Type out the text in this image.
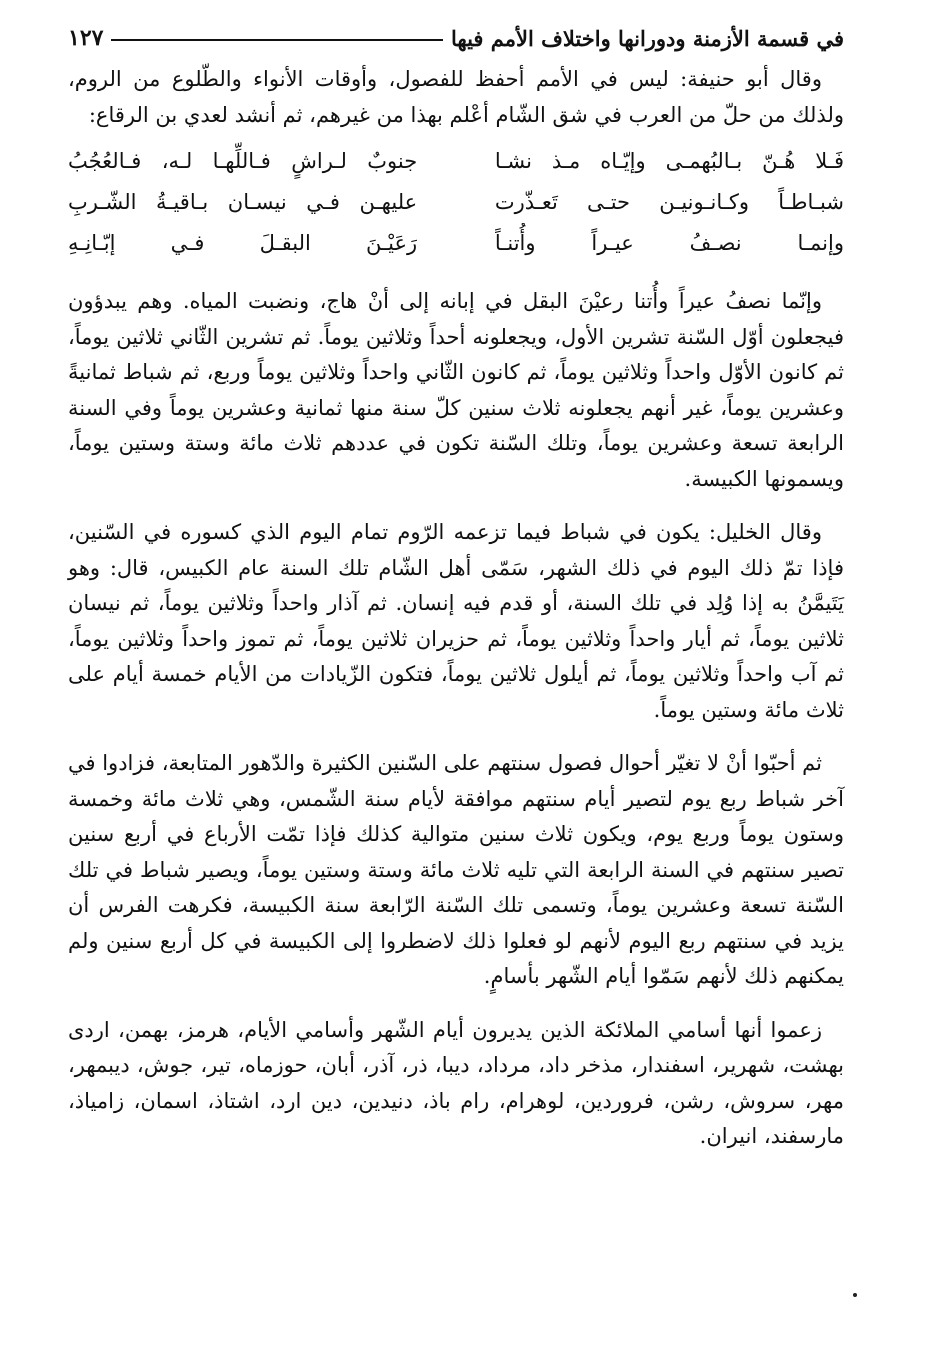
في قسمة الأزمنة ودورانها واختلاف الأمم فيها
١٢٧

وقال أبو حنيفة: ليس في الأمم أحفظ للفصول، وأوقات الأنواء والطّلوع من الروم، ولذلك من حلّ من العرب في شق الشّام أعْلم بهذا من غيرهم، ثم أنشد لعدي بن الرقاع:

فَـلا هُـنّ بـالبُهمـى وإيّـاه مـذ نشـا
جنوبٌ لـراشٍ فـاللِّهـا لـه، فـالعُجُبُ
شبـاطـاً وكـانـونيـن حتـى تَعـذّرت
عليهـن فـي نيسـان بـاقيـةُ الشّـربِ
وإنمـا نصـفُ عيـراً وأُتنـاً
رَعَيْـنَ البقـلَ فـي إبّـانِـهِ

وإنّما نصفُ عيراً وأُتنا رعيْنَ البقل في إبانه إلى أنْ هاج، ونضبت المياه. وهم يبدؤون فيجعلون أوّل السّنة تشرين الأول، ويجعلونه أحداً وثلاثين يوماً. ثم تشرين الثّاني ثلاثين يوماً، ثم كانون الأوّل واحداً وثلاثين يوماً، ثم كانون الثّاني واحداً وثلاثين يوماً وربع، ثم شباط ثمانيةً وعشرين يوماً، غير أنهم يجعلونه ثلاث سنين كلّ سنة منها ثمانية وعشرين يوماً وفي السنة الرابعة تسعة وعشرين يوماً، وتلك السّنة تكون في عددهم ثلاث مائة وستة وستين يوماً، ويسمونها الكبيسة.

وقال الخليل: يكون في شباط فيما تزعمه الرّوم تمام اليوم الذي كسوره في السّنين، فإذا تمّ ذلك اليوم في ذلك الشهر، سَمّى أهل الشّام تلك السنة عام الكبيس، قال: وهو يَتَيمَّنُ به إذا وُلِد في تلك السنة، أو قدم فيه إنسان. ثم آذار واحداً وثلاثين يوماً، ثم نيسان ثلاثين يوماً، ثم أيار واحداً وثلاثين يوماً، ثم حزيران ثلاثين يوماً، ثم تموز واحداً وثلاثين يوماً، ثم آب واحداً وثلاثين يوماً، ثم أيلول ثلاثين يوماً، فتكون الزّيادات من الأيام خمسة أيام على ثلاث مائة وستين يوماً.

ثم أحبّوا أنْ لا تغيّر أحوال فصول سنتهم على السّنين الكثيرة والدّهور المتابعة، فزادوا في آخر شباط ربع يوم لتصير أيام سنتهم موافقة لأيام سنة الشّمس، وهي ثلاث مائة وخمسة وستون يوماً وربع يوم، ويكون ثلاث سنين متوالية كذلك فإذا تمّت الأرباع في أربع سنين تصير سنتهم في السنة الرابعة التي تليه ثلاث مائة وستة وستين يوماً، ويصير شباط في تلك السّنة تسعة وعشرين يوماً، وتسمى تلك السّنة الرّابعة سنة الكبيسة، فكرهت الفرس أن يزيد في سنتهم ربع اليوم لأنهم لو فعلوا ذلك لاضطروا إلى الكبيسة في كل أربع سنين ولم يمكنهم ذلك لأنهم سَمّوا أيام الشّهر بأسامٍ.

زعموا أنها أسامي الملائكة الذين يديرون أيام الشّهر وأسامي الأيام، هرمز، بهمن، اردى بهشت، شهرير، اسفندار، مذخر داد، مرداد، ديبا، ذر، آذر، أبان، حوزماه، تير، جوش، ديبمهر، مهر، سروش، رشن، فروردين، لوهرام، رام باذ، دنيدين، دين ارد، اشتاذ، اسمان، زامياذ، مارسفند، انيران.
